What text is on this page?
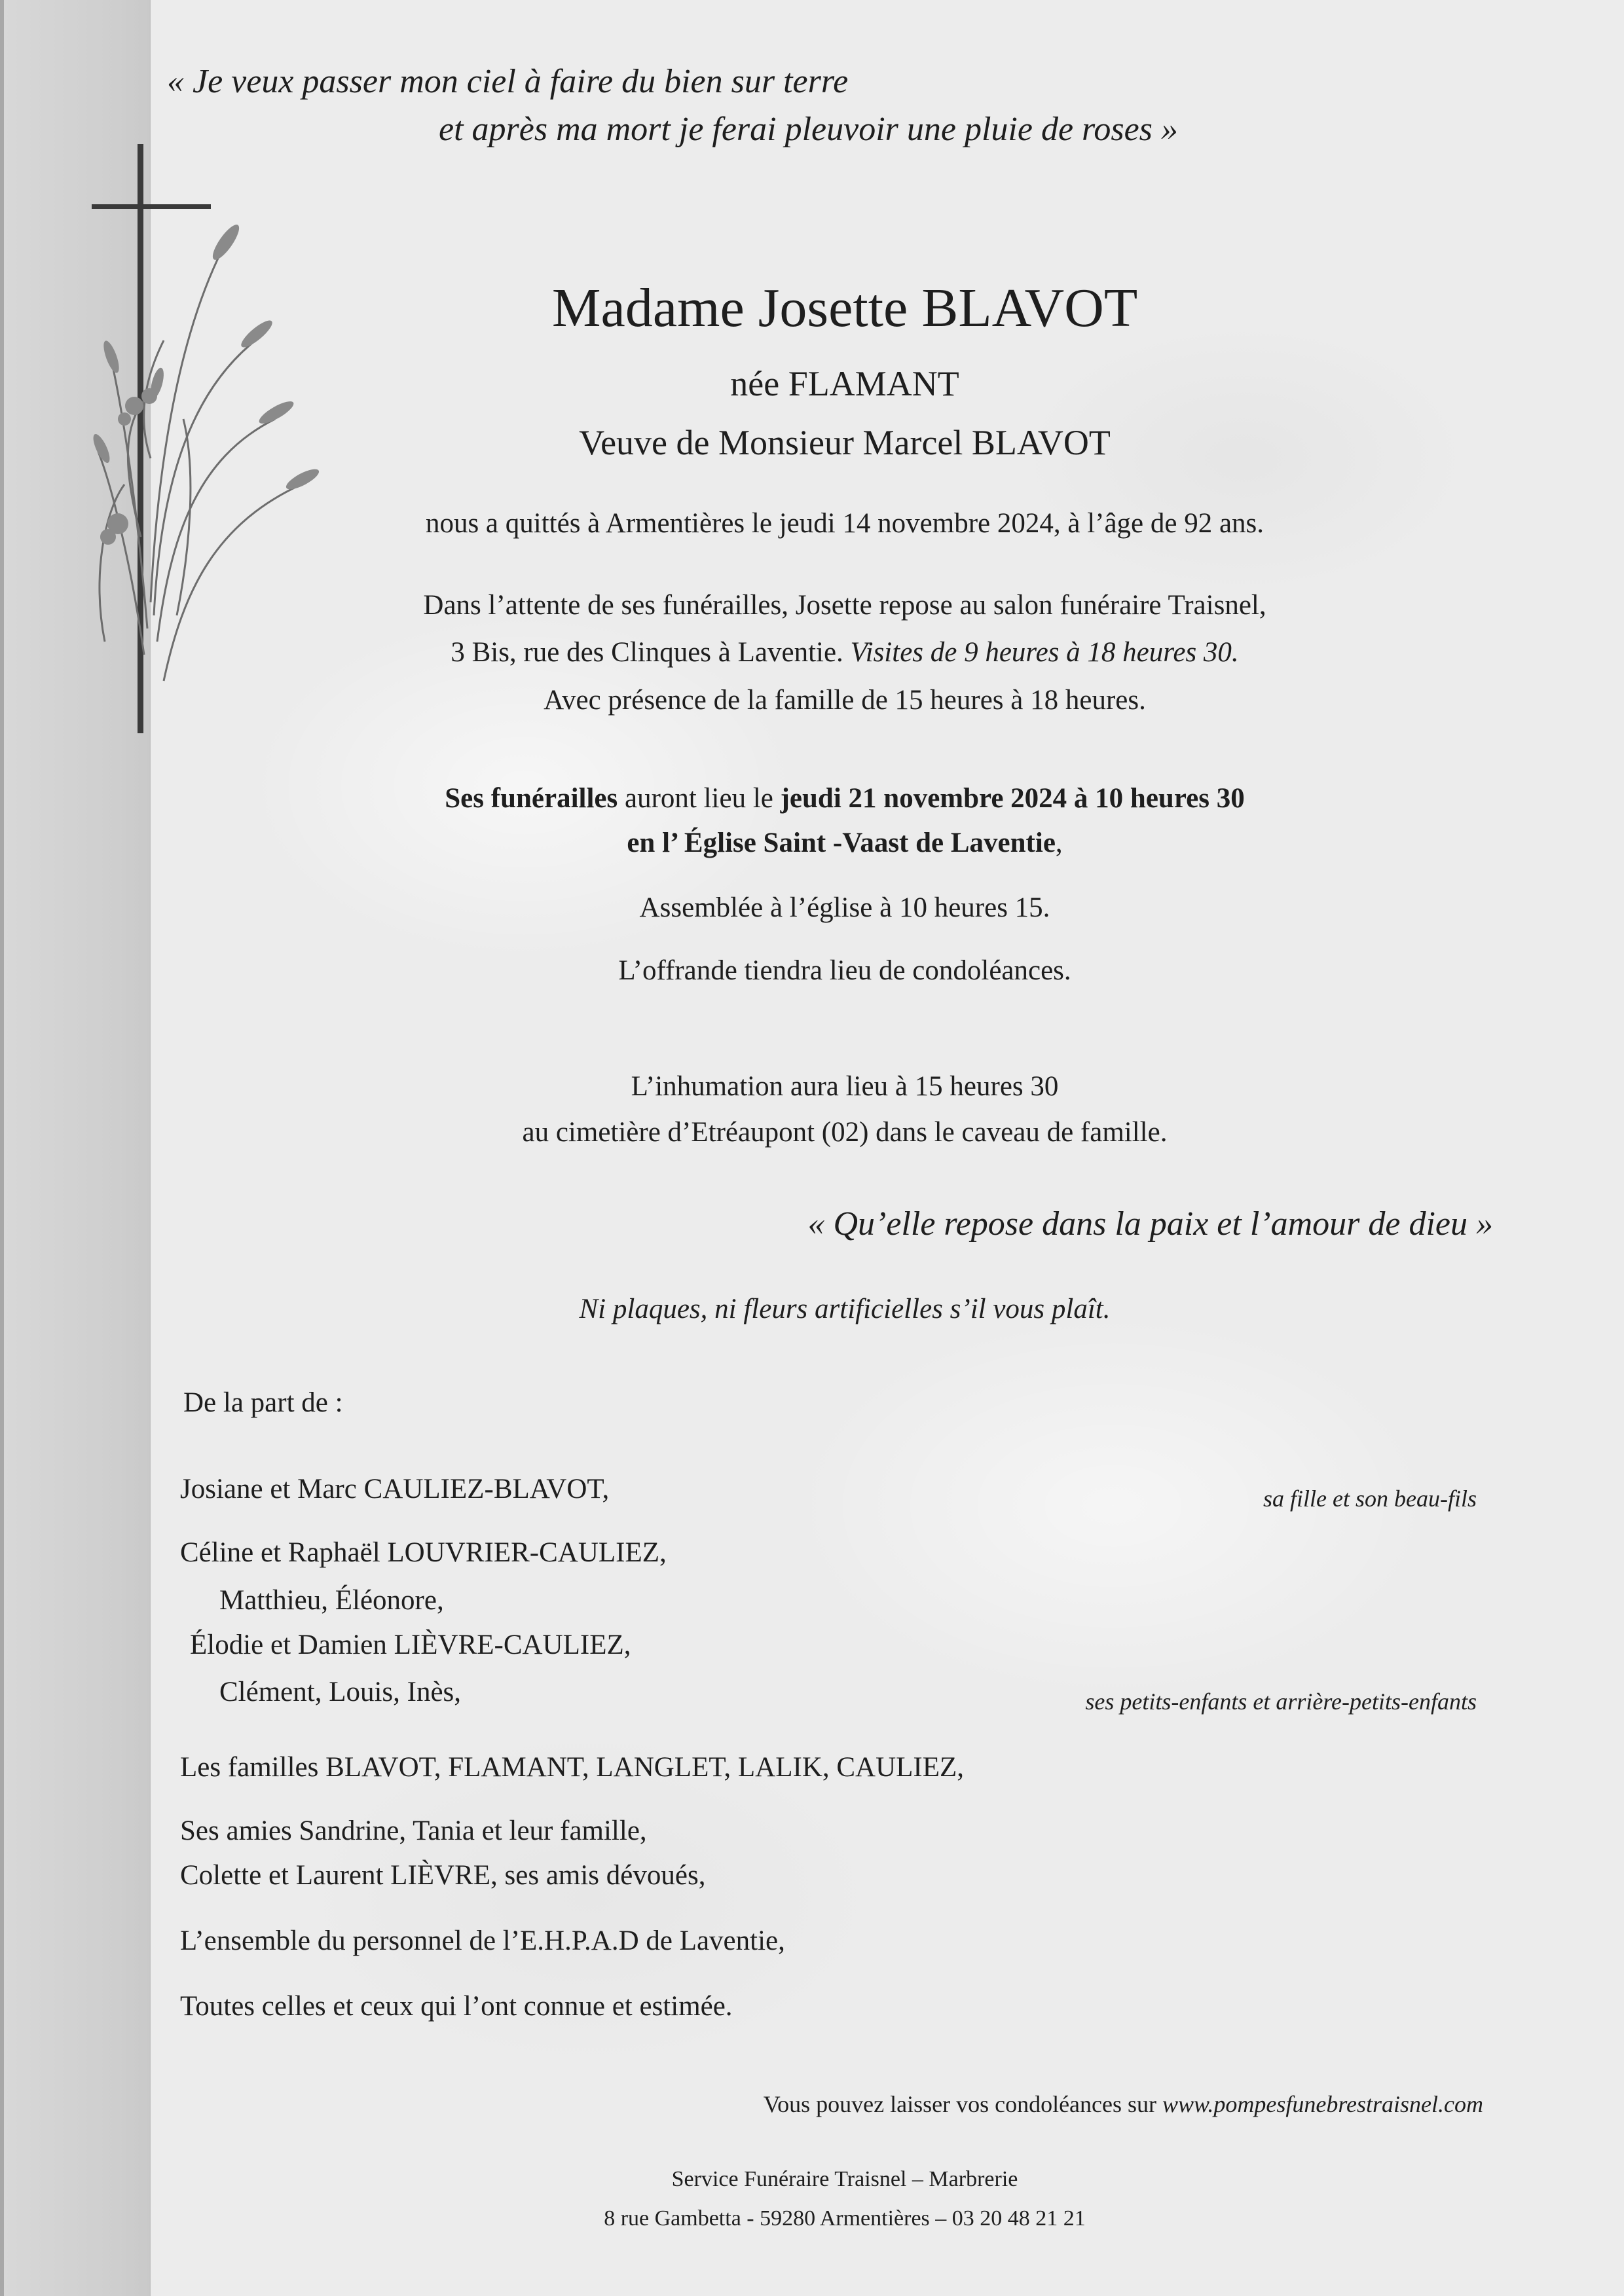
« Je veux passer mon ciel à faire du bien sur terre
et après ma mort je ferai pleuvoir une pluie de roses »
Madame Josette BLAVOT
née FLAMANT
Veuve de Monsieur Marcel BLAVOT
nous a quittés à Armentières le jeudi 14 novembre 2024, à l’âge de 92 ans.
Dans l’attente de ses funérailles, Josette repose au salon funéraire Traisnel,
3 Bis, rue des Clinques à Laventie. Visites de 9 heures à 18 heures 30.
Avec présence de la famille de 15 heures à 18 heures.
Ses funérailles auront lieu le jeudi 21 novembre 2024 à 10 heures 30
en l’ Église Saint -Vaast de Laventie,
Assemblée à l’église à 10 heures 15.
L’offrande tiendra lieu de condoléances.
L’inhumation aura lieu à 15 heures 30
au cimetière d’Etréaupont (02) dans le caveau de famille.
« Qu’elle repose dans la paix et l’amour de dieu »
Ni plaques, ni fleurs artificielles s’il vous plaît.
De la part de :
Josiane et Marc CAULIEZ-BLAVOT,	sa fille et son beau-fils
Céline et Raphaël LOUVRIER-CAULIEZ,
Matthieu, Éléonore,
Élodie et Damien LIÈVRE-CAULIEZ,
Clément, Louis, Inès,	ses petits-enfants et arrière-petits-enfants
Les familles BLAVOT, FLAMANT, LANGLET, LALIK, CAULIEZ,
Ses amies Sandrine, Tania et leur famille,
Colette et Laurent LIÈVRE, ses amis dévoués,
L’ensemble du personnel de l’E.H.P.A.D de Laventie,
Toutes celles et ceux qui l’ont connue et estimée.
Vous pouvez laisser vos condoléances sur www.pompesfunebrestraisnel.com
Service Funéraire Traisnel – Marbrerie
8 rue Gambetta - 59280 Armentières – 03 20 48 21 21
